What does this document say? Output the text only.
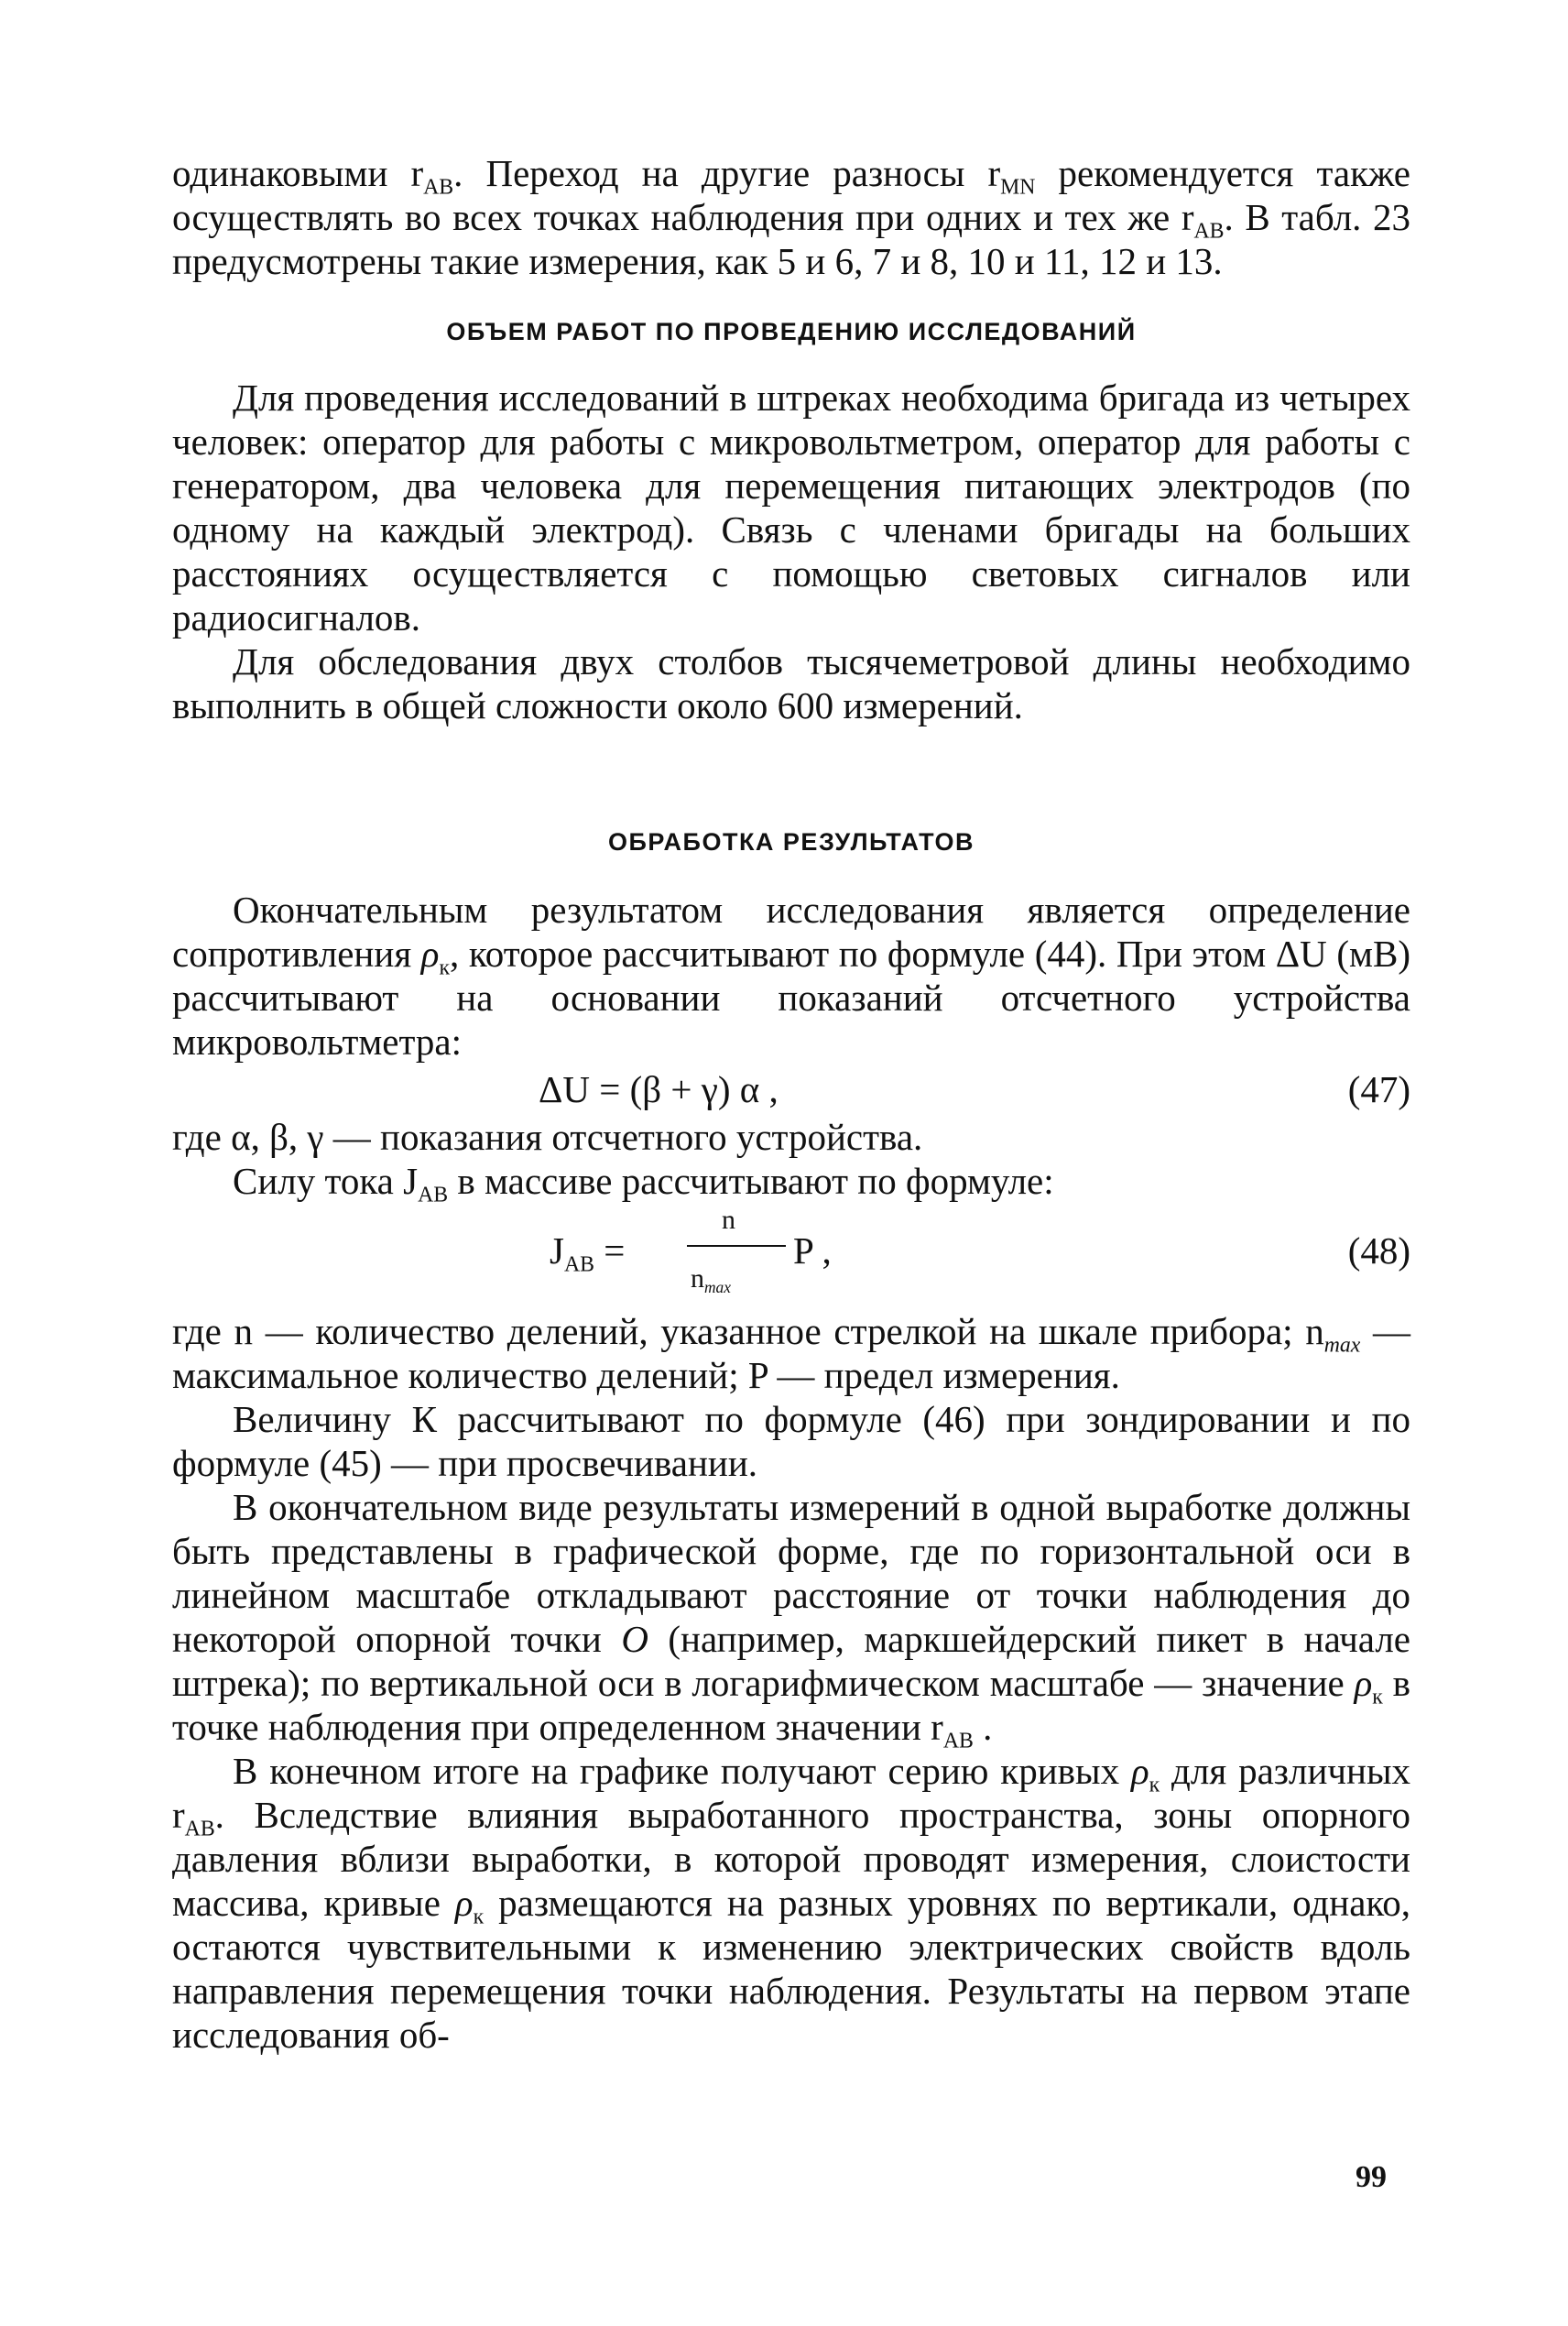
одинаковыми $r_{AB}$. Переход на другие разносы $r_{MN}$ рекомендуется также осуществлять во всех точках наблюдения при одних и тех же $r_{AB}$. В табл. 23 предусмотрены такие измерения, как 5 и 6, 7 и 8, 10 и 11, 12 и 13.

ОБЪЕМ РАБОТ ПО ПРОВЕДЕНИЮ ИССЛЕДОВАНИЙ

Для проведения исследований в штреках необходима бригада из четырех человек: оператор для работы с микровольтметром, оператор для работы с генератором, два человека для перемещения питающих электродов (по одному на каждый электрод). Связь с членами бригады на больших расстояниях осуществляется с помощью световых сигналов или радиосигналов.

Для обследования двух столбов тысячеметровой длины необходимо выполнить в общей сложности около 600 измерений.

ОБРАБОТКА РЕЗУЛЬТАТОВ

Окончательным результатом исследования является определение сопротивления $\rho_к$, которое рассчитывают по формуле (44). При этом ΔU (мВ) рассчитывают на основании показаний отсчетного устройства микровольтметра:

ΔU = (β + γ) α ,	(47)

где α, β, γ — показания отсчетного устройства.

Силу тока $J_{AB}$ в массиве рассчитывают по формуле:

$J_{AB}$ =
n
$n_{max}$
P ,	(48)

где n — количество делений, указанное стрелкой на шкале прибора; $n_{max}$ — максимальное количество делений; P — предел измерения.

Величину К рассчитывают по формуле (46) при зондировании и по формуле (45) — при просвечивании.

В окончательном виде результаты измерений в одной выработке должны быть представлены в графической форме, где по горизонтальной оси в линейном масштабе откладывают расстояние от точки наблюдения до некоторой опорной точки O (например, маркшейдерский пикет в начале штрека); по вертикальной оси в логарифмическом масштабе — значение $\rho_к$ в точке наблюдения при определенном значении $r_{AB}$ .

В конечном итоге на графике получают серию кривых $\rho_к$ для различных $r_{AB}$. Вследствие влияния выработанного пространства, зоны опорного давления вблизи выработки, в которой проводят измерения, слоистости массива, кривые $\rho_к$ размещаются на разных уровнях по вертикали, однако, остаются чувствительными к изменению электрических свойств вдоль направления перемещения точки наблюдения. Результаты на первом этапе исследования об-

99
